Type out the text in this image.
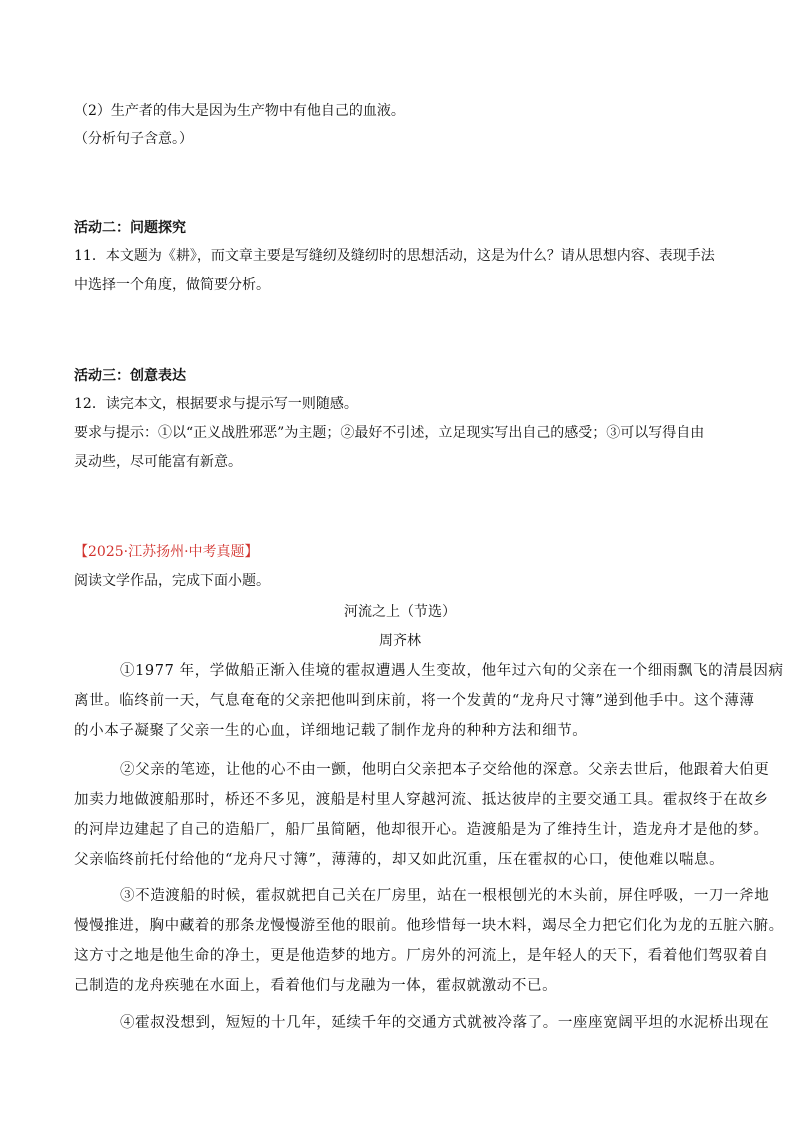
（2）生产者的伟大是因为生产物中有他自己的血液。
（分析句子含意。）
活动二：问题探究
11．本文题为《耕》，而文章主要是写缝纫及缝纫时的思想活动，这是为什么？请从思想内容、表现手法
中选择一个角度，做简要分析。
活动三：创意表达
12．读完本文，根据要求与提示写一则随感。
要求与提示：①以“正义战胜邪恶”为主题；②最好不引述，立足现实写出自己的感受；③可以写得自由
灵动些，尽可能富有新意。
【2025·江苏扬州·中考真题】
阅读文学作品，完成下面小题。
河流之上（节选）
周齐林
①1977 年，学做船正渐入佳境的霍叔遭遇人生变故，他年过六旬的父亲在一个细雨飘飞的清晨因病
离世。临终前一天，气息奄奄的父亲把他叫到床前，将一个发黄的“龙舟尺寸簿”递到他手中。这个薄薄
的小本子凝聚了父亲一生的心血，详细地记载了制作龙舟的种种方法和细节。
②父亲的笔迹，让他的心不由一颤，他明白父亲把本子交给他的深意。父亲去世后，他跟着大伯更
加卖力地做渡船那时，桥还不多见，渡船是村里人穿越河流、抵达彼岸的主要交通工具。霍叔终于在故乡
的河岸边建起了自己的造船厂，船厂虽简陋，他却很开心。造渡船是为了维持生计，造龙舟才是他的梦。
父亲临终前托付给他的“龙舟尺寸簿”，薄薄的，却又如此沉重，压在霍叔的心口，使他难以喘息。
③不造渡船的时候，霍叔就把自己关在厂房里，站在一根根刨光的木头前，屏住呼吸，一刀一斧地
慢慢推进，胸中藏着的那条龙慢慢游至他的眼前。他珍惜每一块木料，竭尽全力把它们化为龙的五脏六腑。
这方寸之地是他生命的净土，更是他造梦的地方。厂房外的河流上，是年轻人的天下，看着他们驾驭着自
己制造的龙舟疾驰在水面上，看着他们与龙融为一体，霍叔就激动不已。
④霍叔没想到，短短的十几年，延续千年的交通方式就被冷落了。一座座宽阔平坦的水泥桥出现在
